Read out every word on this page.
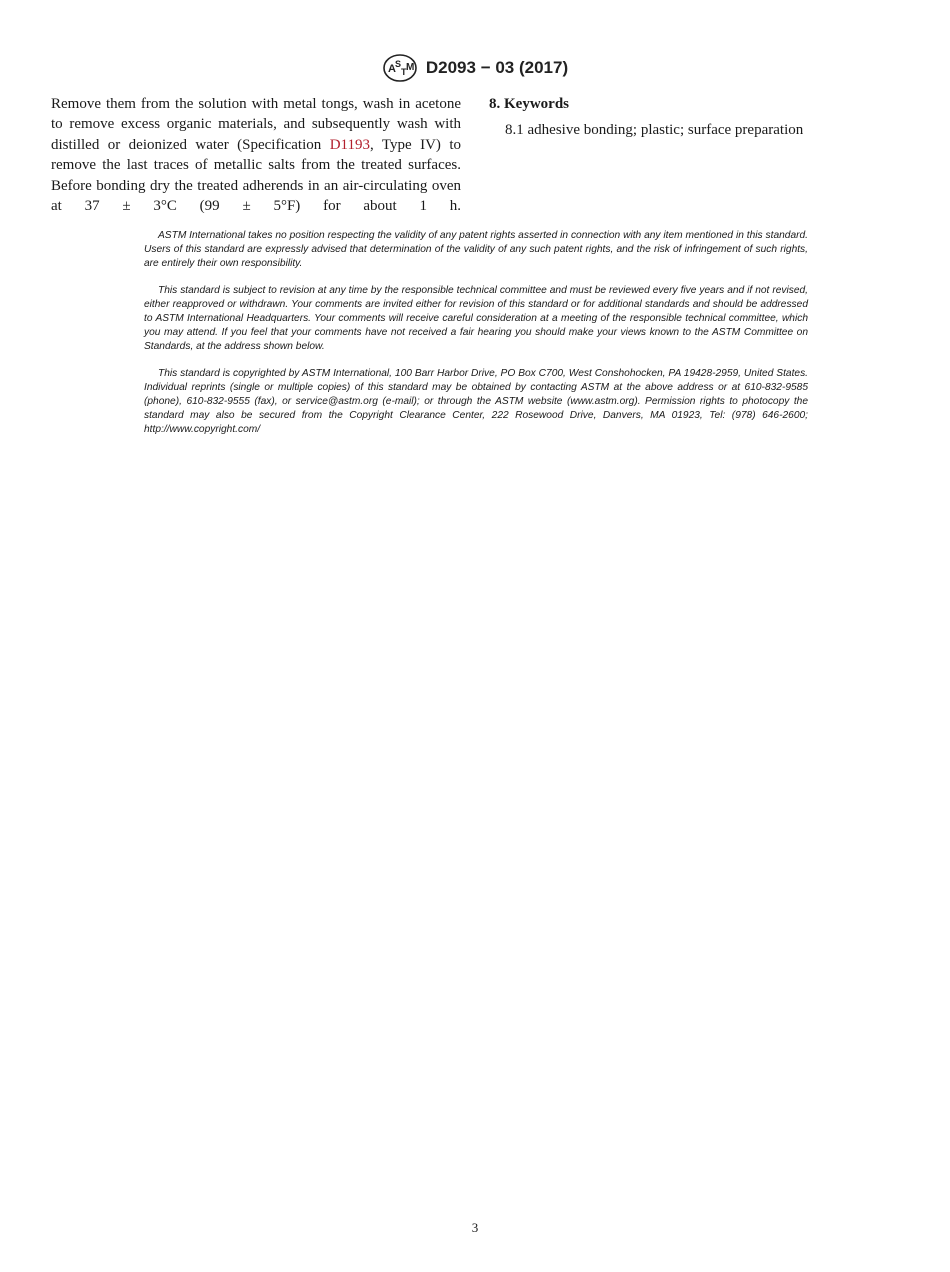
A S
T M D2093 − 03 (2017)
Remove them from the solution with metal tongs, wash in acetone to remove excess organic materials, and subsequently wash with distilled or deionized water (Specification D1193, Type IV) to remove the last traces of metallic salts from the treated surfaces. Before bonding dry the treated adherends in an air-circulating oven at 37 ± 3°C (99 ± 5°F) for about 1 h.
8. Keywords

8.1 adhesive bonding; plastic; surface preparation

ASTM International takes no position respecting the validity of any patent rights asserted in connection with any item mentioned in this standard. Users of this standard are expressly advised that determination of the validity of any such patent rights, and the risk of infringement of such rights, are entirely their own responsibility.

This standard is subject to revision at any time by the responsible technical committee and must be reviewed every five years and if not revised, either reapproved or withdrawn. Your comments are invited either for revision of this standard or for additional standards and should be addressed to ASTM International Headquarters. Your comments will receive careful consideration at a meeting of the responsible technical committee, which you may attend. If you feel that your comments have not received a fair hearing you should make your views known to the ASTM Committee on Standards, at the address shown below.

This standard is copyrighted by ASTM International, 100 Barr Harbor Drive, PO Box C700, West Conshohocken, PA 19428-2959, United States. Individual reprints (single or multiple copies) of this standard may be obtained by contacting ASTM at the above address or at 610-832-9585 (phone), 610-832-9555 (fax), or service@astm.org (e-mail); or through the ASTM website (www.astm.org). Permission rights to photocopy the standard may also be secured from the Copyright Clearance Center, 222 Rosewood Drive, Danvers, MA 01923, Tel: (978) 646-2600; http://www.copyright.com/

3
